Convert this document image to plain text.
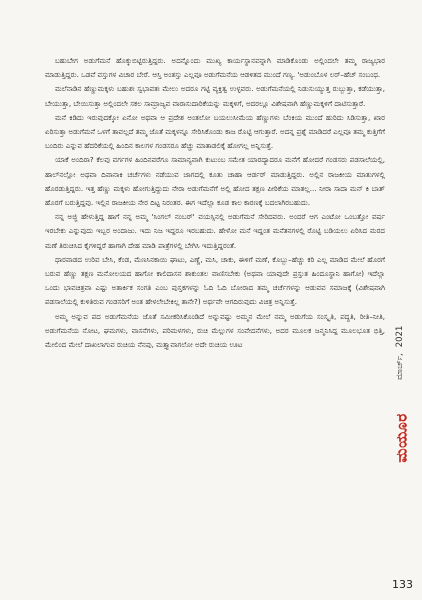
ಬಹುಬೇಗ ಅಡುಗೆಮನೆ ಹೊಕ್ಕುಬಿಟ್ಟಿರುತ್ತಿದ್ದರು. ಅದನ್ನೊಂದು ಮುಖ್ಯ ಕಾರ್ಯಸ್ಥಾನವನ್ನಾಗಿ ಮಾಡಿಕೊಂಡು ಅಲ್ಲಿಂದಲೇ ತಮ್ಮ ರಾಜ್ಯಭಾರ ಮಾಡುತ್ತಿದ್ದರು. ಒಡವೆ ವಸ್ತುಗಳ ವಿಚಾರ ಬೇರೆ. ಆಸ್ತಿ ಅಂತಸ್ತು ಎಲ್ಲವೂ ಅಡುಗೆಮನೆಯ ಆಡಳಿತದ ಮುಂದೆ ಗಣ್ಯ. 'ಅಡುಂಬೊಳ ಲರ್–ಹೆಚ್ ಸಂಬಂಧ.

ಮಲೆನಾಡಿನ ಹೆಣ್ಣುಮಕ್ಕಳು ಬಹುಶಃ ಸ್ವಭಾವತಃ ಮೇಲು ಅದರೂ ಗಟ್ಟಿ ವ್ಯಕ್ತಿತ್ವ ಉಳ್ಳವರು. ಅಡುಗೆಮನೆಯಲ್ಲಿ ನಿಡುಸುಯ್ಯುತ್ತ ರುಬ್ಬುತ್ತಾ, ಕಡೆಯುತ್ತಾ, ಬೇಯುತ್ತಾ, ಬೇಯಿಸುತ್ತಾ ಅಲ್ಲಿಂದಲೇ ಸಕಲ ಸಾಮ್ರಾಜ್ಯವ ವಾರಾಸುದಾರಿಕೆಯನ್ನು ಮಕ್ಕಳಿಗೆ, ಅದರಲ್ಲೂ ವಿಶೇಷವಾಗಿ ಹೆಣ್ಣುಮಕ್ಕಳಿಗೆ ದಾಟಿಸುತ್ತಾರೆ.

ಮನೆ ಕಿಡಿದು ಇರುವುದಕ್ಕೋ ಏನೋ ಅಥವಾ ಆ ಪ್ರದೇಶ ಅಂತಲೋ ಬಯಲುಸೀಮೆಯ ಹೆಣ್ಣುಗಳು ಬೆಂಕಿಯ ಮುಂದೆ ಹುರಿದು ಸಿಡಿಸುತ್ತಾ, ಖಾರ ಏರಿಸುತ್ತಾ ಅಡುಗೆಮನೆ ಒಳಗೆ ತಾವಲ್ಲದೆ ತಮ್ಮ ಜೊತೆ ಮಕ್ಕಳನ್ನೂ ಸೇರಿಸಿಕೊಂಡು ಕಾಜ ರೊಟ್ಟಿ ಆಗುತ್ತಾರೆ. ಅದನ್ನ ಪ್ರಶ್ನೆ ಮಾಡಿದರೆ ಎಲ್ಲವೂ ತಮ್ಮ ಕುತ್ತಿಗೆಗೆ ಬಂದಿರು ಎನ್ನುವ ಹೆದರಿಕೆಯಲ್ಲಿ ಹಿಂದಿನ ಕಾಲಗಳ ಗಂಡಸರೂ ಹೆಚ್ಚು ಮಾತಾಡಲಿಕ್ಕೆ ಹೋಗಲ್ಲ ಅನ್ನಿಸುತ್ತೆ.

ಯಾಕೆ ಅಂದಿರಾ? ಕೆಲವು ವರ್ಗಗಳ ಹಿಂದಿನವರೆಗೂ ಸಾಮಾನ್ಯವಾಗಿ ಕುಟುಂಬ ಸಮೇತ ಯಾರದ್ಯಾದರೂ ಮನೆಗೆ ಹೋದರೆ ಗಂಡಸರು ಪಡಸಾಲೆಯಲ್ಲಿ, ಹಾಲ್‌ನಲ್ಲೋ ಅಥವಾ ದಿವಾನಾಕಿ ಚರ್ಚೆಗಳು ನಡೆಯುವ ಜಾಗದಲ್ಲಿ ಕೂತು ಚಾಹಾ ಆರ್ಡರ್ ಮಾಡುತ್ತಿದ್ದರು. ಅಲ್ಲಿನ ರಾಜಕೀಯ ಮಾತುಗಳಲ್ಲಿ ಹೊರಡುತ್ತಿದ್ದರು. ಇತ್ತ ಹೆಣ್ಣು ಮಕ್ಕಳು ಹೋಗುತ್ತಿದ್ದುದು ನೇರಾ ಅಡುಗೆಮನೆಗೆ ಅಲ್ಲಿ ಹೋದ ತಕ್ಷಣ ಪೀಠಿಕೆಯ ಮಾತಲ್ಲ... ನೀರಾ ಸಾದಾ ಮನ್ ಕಿ ಬಾತ್ ಹೊರಗೆ ಬರುತ್ತಿದ್ದವು. ಇಲ್ಲಿನ ರಾಜಕೀಯ ನೇರ ದಿಟ್ಟ ನಿರಂತರ. ಈಗ ಇದೆಲ್ಲಾ ಕೂಡ ಕಾಲ ಕಾರಣಕ್ಕೆ ಬದಲಾಗಿರಬಹುದು.

ನನ್ನ ಅಜ್ಜಿ ಹೇಳುತ್ತಿದ್ದ ಹಾಗೆ ನನ್ನ ಅಮ್ಮ 'ಸಿಂಗಲ್ ನಂಬರ್' ವಯಸ್ಸಿನಲ್ಲಿ ಅಡುಗೆಮನೆ ಸೇರಿದವರು. ಅಂದರೆ ಆಗ ಎಂಟೋ ಒಂಬತ್ತೋ ವರ್ಷ ಇರಬೇಕು ಎನ್ನುವುದು ಇಬ್ಬರ ಅಂದಾಜು. ಇದು ನಿಜ ಇದ್ದರೂ ಇರಬಹುದು. ಹೇಳೋ ಮನೆ ಇದ್ದಂತ ಮನೆತನಗಳಲ್ಲಿ ರೊಟ್ಟಿ ಬಡಿಯಲು ಏರಿಸಿದ ಮರದ ಮಣೆ ತಿರುಚಿಸಿದ ಕೈಗಳಿದ್ದರೆ ಹಾಗಾಗಿ ದೇಹ ಮಾಡಿ ಪಾತ್ರೆಗಳಲ್ಲಿ ಬೇಗಿಸಿ ಇದುತ್ತಿದ್ದರಂತೆ.

ಧಾರವಾಡದ ಉರಿವ ಬೇಸಿ, ಕೆಂಡ, ಮೆಣಸಿನಕಾಯಿ ಘಾಟು, ಎಣ್ಣೆ, ಮಸಿ, ಚಾಕು, ಈಳಿಗೆ ಮಣೆ, ಕೊಬ್ಬು–ಹೆಚ್ಚು ಕರಿ ಎಲ್ಲ ಮಾಡಿದ ಮೇಲೆ ಹೊರಗೆ ಬರುವ ಹೆಣ್ಣು ತಕ್ಷಣ ಮನೋಲಯದ ಹಾಗೋ ಕಾಲಿದಾಸನ ಶಾಕುಂತಲ ವಾಣಿಸಬೇಕು (ಅಥವಾ ಯಾವುದೇ ಪ್ರಸ್ತುತ ಹಿಂದೂಸ್ಥಾನಿ ಹಾಗೋ) ಇದೆಲ್ಲಾ ಒಂದು ಭಾವಚಿತ್ರವಾ ಎಷ್ಟು ಅತಾರ್ಕಿಕ ಸಂಗತಿ ಎಂಬ ಪುಸ್ತಕಗಳನ್ನು ಓದಿ ಓದಿ ಬೋರಾದ ತಮ್ಮ ಚರ್ಚೆಗಳನ್ನು ಆಡುವವ ಸಮಾಜಕ್ಕೆ (ವಿಶೇಷವಾಗಿ ಪಡಸಾಲೆಯಲ್ಲಿ ಕುಳಿತಿರುವ ಗಂಡಸರಿಗೆ ಅಂತ ಹೇಳಲೇಬೇಕಿಲ್ಲ ತಾನೇ?) ಅರ್ಥವೇ ಆಗದಿರುವುದು ವಿಚಿತ್ರ ಅನ್ನಿಸುತ್ತೆ.

ಅಮ್ಮ ಅನ್ನುವ ಪದ ಅಡುಗೆಮನೆಯ ಜೊತೆ ಸಮೀಕರಿಸಿಕೊಂಡಿದೆ ಅನ್ನುವಷ್ಟು ಅಮ್ಮನ ಮೇಲೆ ನಮ್ಮ ಅಡುಗೆಯ ಸಂಸ್ಕೃತಿ, ಪದ್ಧತಿ, ರೀತಿ–ನೀತಿ, ಅಡುಗೆಮನೆಯ ನೋಟ, ಘಮಗಳು, ವಾಸನೆಗಳು, ಪರಿಮಳಗಳು, ರುಚಿ ಮೆಲ್ಲುಗಳ ಸಂವೇದನೆಗಳು, ಅದರ ಮೂಲಕ ಜನ್ಮನಿಸಿದ್ದ ಮೂಲಭೂತ ಭಿತ್ತಿ, ಮೇಲಿಂದ ಮೇಲೆ ದಾಖಲಾಗುವ ರುಚಿಯ ನೆನಪು, ಮತ್ತ್ಯಾವಾಗಲೋ ಅದೇ ರುಚಿಯ ಊಟ

ಮಾರ್ಚ್,2021
ಮಯೂರ
133
